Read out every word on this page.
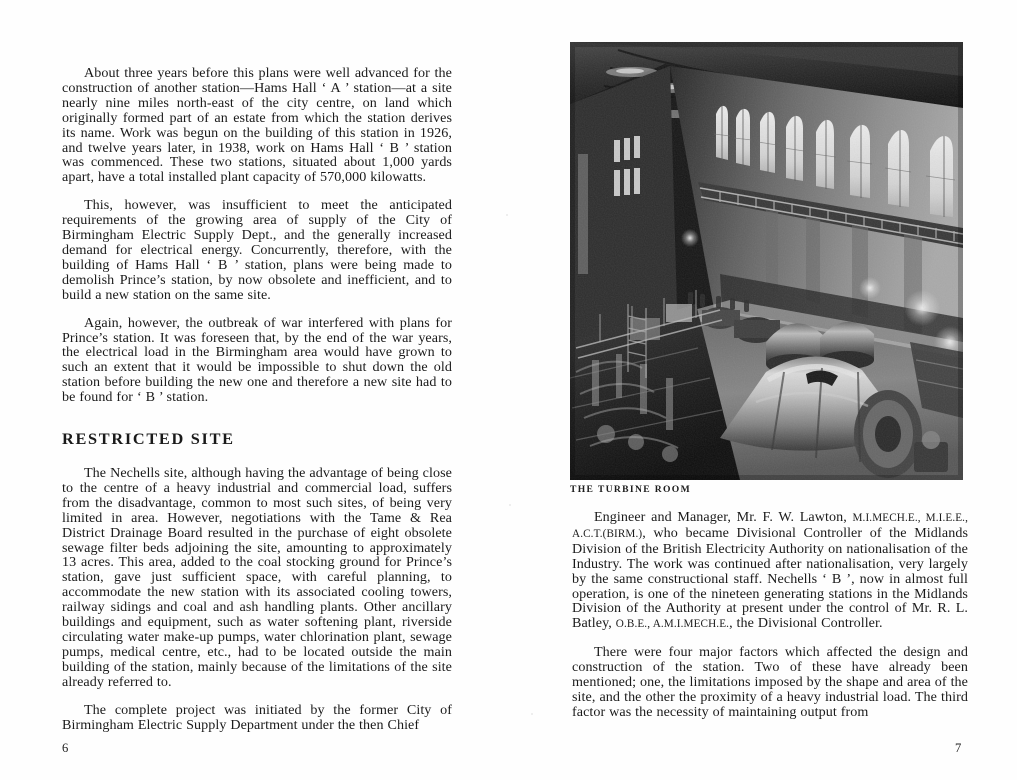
About three years before this plans were well advanced for the construction of another station—Hams Hall ‘ A ’ station—at a site nearly nine miles north-east of the city centre, on land which originally formed part of an estate from which the station derives its name. Work was begun on the building of this station in 1926, and twelve years later, in 1938, work on Hams Hall ‘ B ’ station was commenced. These two stations, situated about 1,000 yards apart, have a total installed plant capacity of 570,000 kilowatts.

This, however, was insufficient to meet the anticipated requirements of the growing area of supply of the City of Birmingham Electric Supply Dept., and the generally increased demand for electrical energy. Concurrently, therefore, with the building of Hams Hall ‘ B ’ station, plans were being made to demolish Prince’s station, by now obsolete and inefficient, and to build a new station on the same site.

Again, however, the outbreak of war interfered with plans for Prince’s station. It was foreseen that, by the end of the war years, the electrical load in the Birmingham area would have grown to such an extent that it would be impossible to shut down the old station before building the new one and therefore a new site had to be found for ‘ B ’ station.

RESTRICTED SITE

The Nechells site, although having the advantage of being close to the centre of a heavy industrial and commercial load, suffers from the disadvantage, common to most such sites, of being very limited in area. However, negotiations with the Tame & Rea District Drainage Board resulted in the purchase of eight obsolete sewage filter beds adjoining the site, amounting to approximately 13 acres. This area, added to the coal stocking ground for Prince’s station, gave just sufficient space, with careful planning, to accommodate the new station with its associated cooling towers, railway sidings and coal and ash handling plants. Other ancillary buildings and equipment, such as water softening plant, riverside circulating water make-up pumps, water chlorination plant, sewage pumps, medical centre, etc., had to be located outside the main building of the station, mainly because of the limitations of the site already referred to.

The complete project was initiated by the former City of Birmingham Electric Supply Department under the then Chief

6
THE TURBINE ROOM

Engineer and Manager, Mr. F. W. Lawton, M.I.MECH.E., M.I.E.E., A.C.T.(BIRM.), who became Divisional Controller of the Midlands Division of the British Electricity Authority on nationalisation of the Industry. The work was continued after nationalisation, very largely by the same constructional staff. Nechells ‘ B ’, now in almost full operation, is one of the nineteen generating stations in the Midlands Division of the Authority at present under the control of Mr. R. L. Batley, O.B.E., A.M.I.MECH.E., the Divisional Controller.

There were four major factors which affected the design and construction of the station. Two of these have already been mentioned; one, the limitations imposed by the shape and area of the site, and the other the proximity of a heavy industrial load. The third factor was the necessity of maintaining output from

7
